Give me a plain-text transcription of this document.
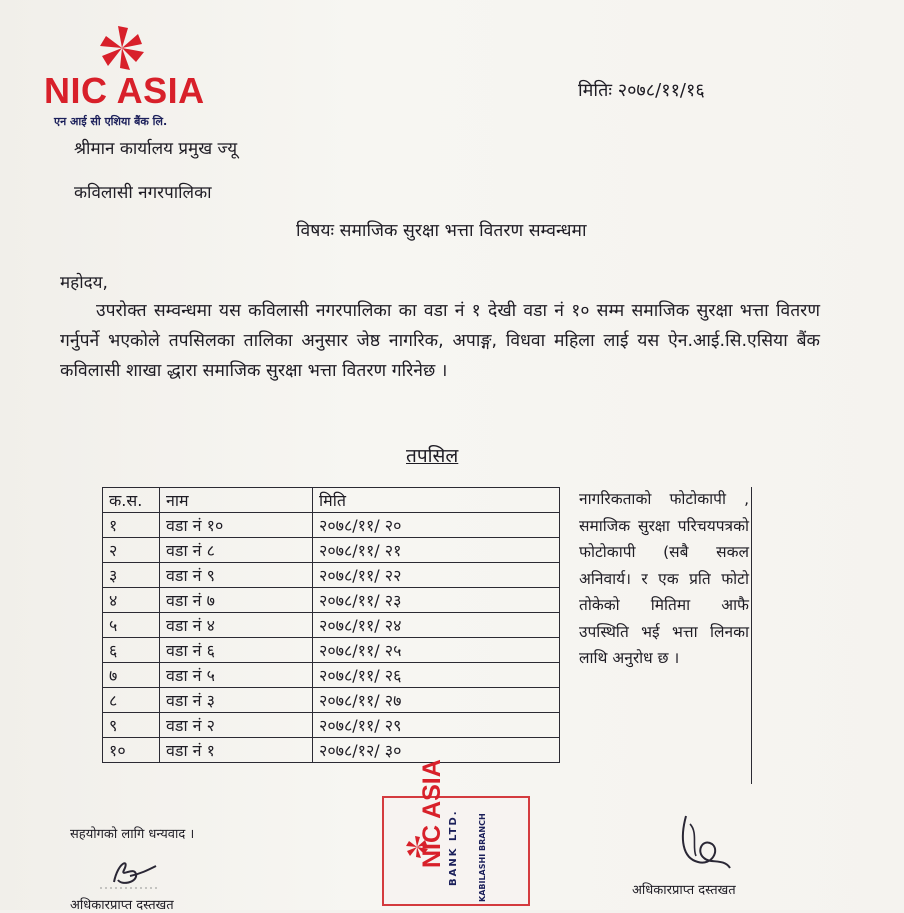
NIC ASIA
एन आई सी एशिया बैंक लि.
मितिः २०७८/११/१६
श्रीमान कार्यालय प्रमुख ज्यू
कविलासी नगरपालिका
विषयः समाजिक सुरक्षा भत्ता वितरण सम्वन्धमा
महोदय,
उपरोक्त सम्वन्धमा यस कविलासी नगरपालिका का वडा नं १ देखी वडा नं १० सम्म समाजिक सुरक्षा भत्ता वितरण गर्नुपर्ने भएकोले तपसिलका तालिका अनुसार जेष्ठ नागरिक, अपाङ्ग, विधवा महिला लाई यस ऐन.आई.सि.एसिया बैंक कविलासी शाखा द्धारा समाजिक सुरक्षा भत्ता वितरण गरिनेछ ।
तपसिल
क.स.	नाम	मिति
१	वडा नं १०	२०७८/११/ २०
२	वडा नं ८	२०७८/११/ २१
३	वडा नं ९	२०७८/११/ २२
४	वडा नं ७	२०७८/११/ २३
५	वडा नं ४	२०७८/११/ २४
६	वडा नं ६	२०७८/११/ २५
७	वडा नं ५	२०७८/११/ २६
८	वडा नं ३	२०७८/११/ २७
९	वडा नं २	२०७८/११/ २९
१०	वडा नं १	२०७८/१२/ ३०
नागरिकताको फोटोकापी , समाजिक सुरक्षा परिचयपत्रको फोटोकापी (सबै सकल अनिवार्य। र एक प्रति फोटो तोकेको मितिमा आफै उपस्थिति भई भत्ता लिनका लाथि अनुरोध छ ।
सहयोगको लागि धन्यवाद ।
अधिकारप्राप्त दस्तखत
अधिकारप्राप्त दस्तखत
NIC ASIA BANK LTD. KABILASHI BRANCH
